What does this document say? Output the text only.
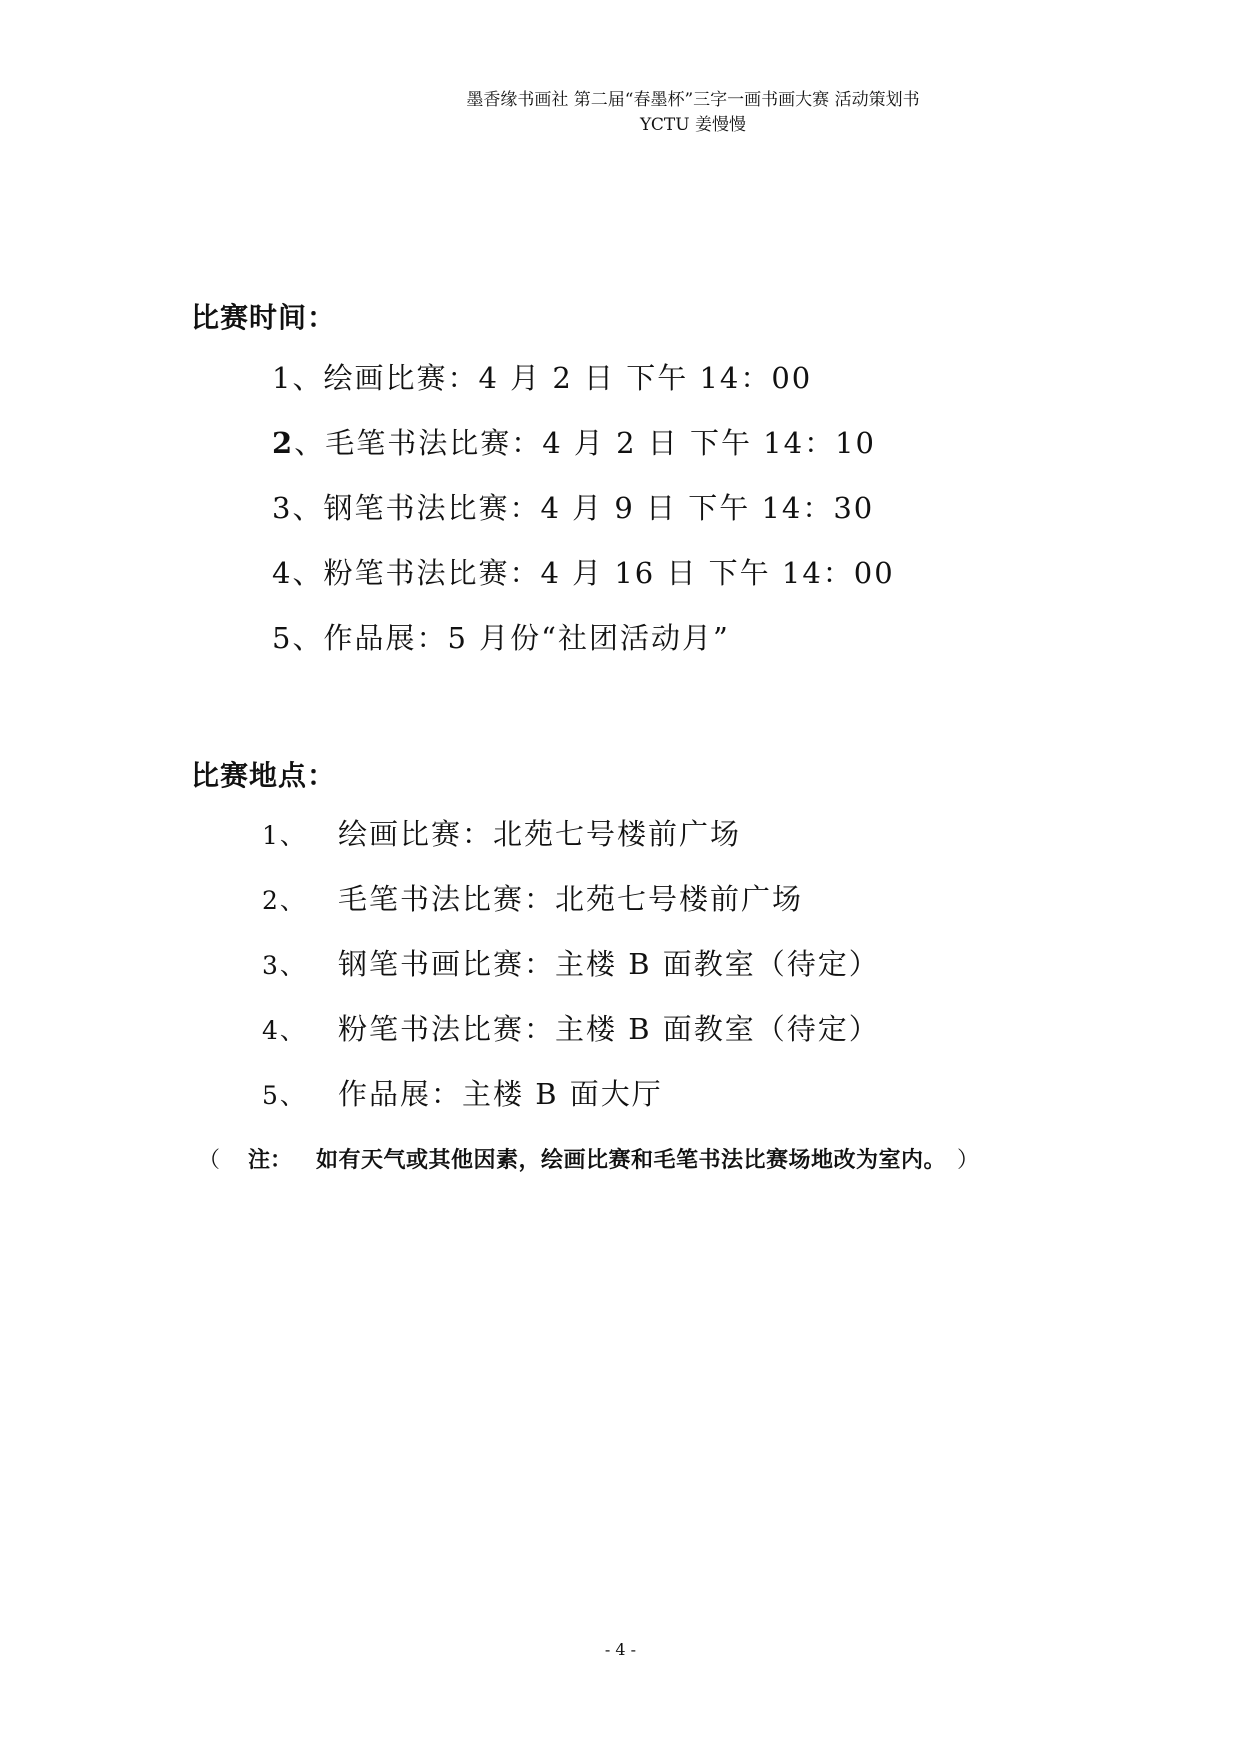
墨香缘书画社 第二届“春墨杯”三字一画书画大赛 活动策划书
YCTU 姜慢慢
比赛时间：
1、绘画比赛：4 月 2 日 下午 14：00
2、毛笔书法比赛：4 月 2 日 下午 14：10
3、钢笔书法比赛：4 月 9 日 下午 14：30
4、粉笔书法比赛：4 月 16 日 下午 14：00
5、作品展：5 月份“社团活动月”
比赛地点：
1、 绘画比赛：北苑七号楼前广场
2、 毛笔书法比赛：北苑七号楼前广场
3、 钢笔书画比赛：主楼 B 面教室（待定）
4、 粉笔书法比赛：主楼 B 面教室（待定）
5、 作品展：主楼 B 面大厅
（ 注： 如有天气或其他因素，绘画比赛和毛笔书法比赛场地改为室内。 ）
- 4 -
